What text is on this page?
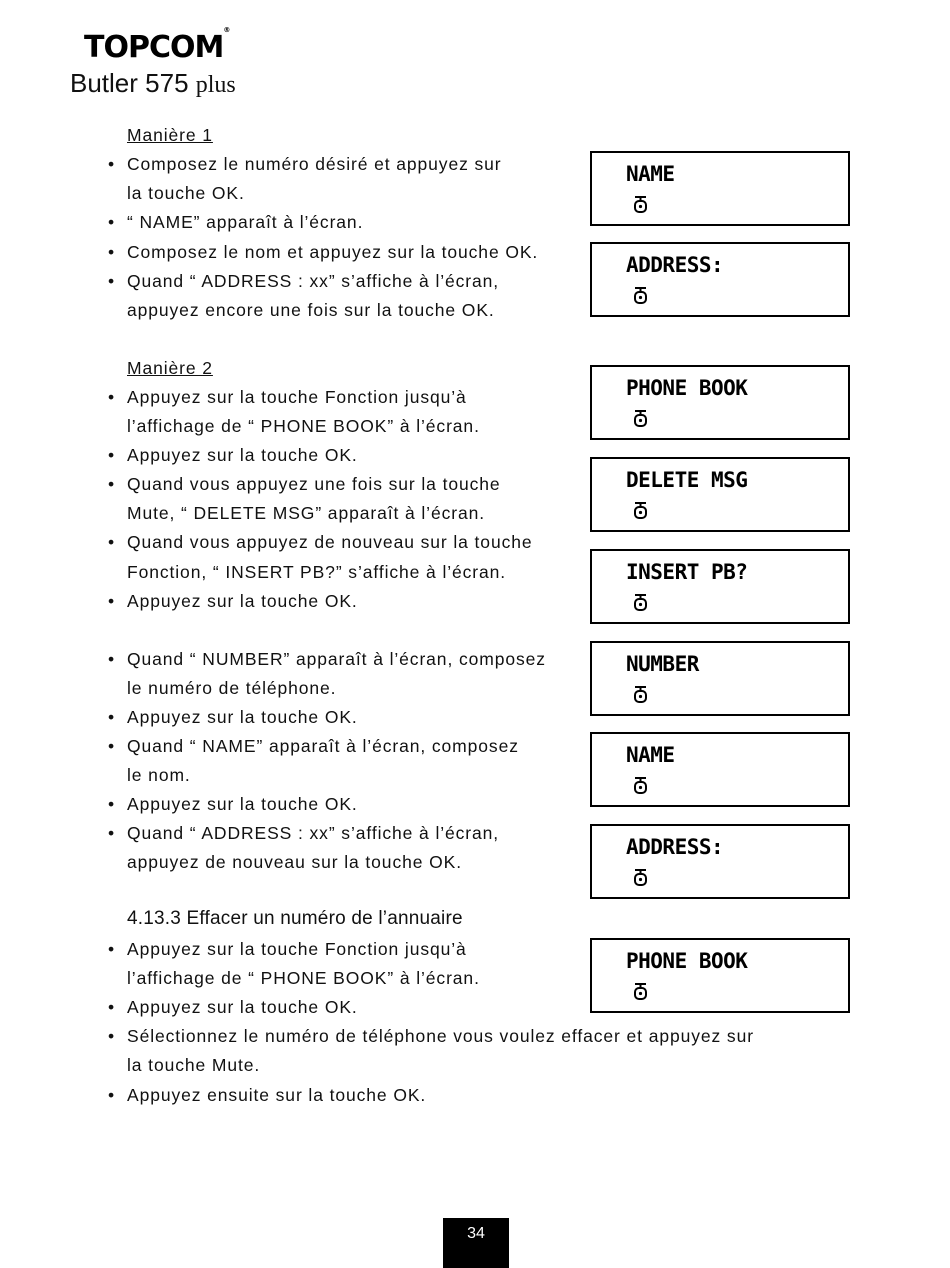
TOPCOM®
Butler 575 plus
Manière 1
• Composez le numéro désiré et appuyez sur
la touche OK.
• “ NAME” apparaît à l’écran.
• Composez le nom et appuyez sur la touche OK.
• Quand “ ADDRESS : xx” s’affiche à l’écran,
appuyez encore une fois sur la touche OK.
Manière 2
• Appuyez sur la touche Fonction jusqu’à
l’affichage de “ PHONE BOOK” à l’écran.
• Appuyez sur la touche OK.
• Quand vous appuyez une fois sur la touche
Mute, “ DELETE MSG” apparaît à l’écran.
• Quand vous appuyez de nouveau sur la touche
Fonction, “ INSERT PB?” s’affiche à l’écran.
• Appuyez sur la touche OK.
• Quand “ NUMBER” apparaît à l’écran, composez
le numéro de téléphone.
• Appuyez sur la touche OK.
• Quand “ NAME” apparaît à l’écran, composez
le nom.
• Appuyez sur la touche OK.
• Quand “ ADDRESS : xx” s’affiche à l’écran,
appuyez de nouveau sur la touche OK.
4.13.3 Effacer un numéro de l’annuaire
• Appuyez sur la touche Fonction jusqu’à
l’affichage de “ PHONE BOOK” à l’écran.
• Appuyez sur la touche OK.
• Sélectionnez le numéro de téléphone vous voulez effacer et appuyez sur
la touche Mute.
• Appuyez ensuite sur la touche OK.
NAME
ADDRESS:
PHONE BOOK
DELETE MSG
INSERT PB?
NUMBER
NAME
ADDRESS:
PHONE BOOK
34
